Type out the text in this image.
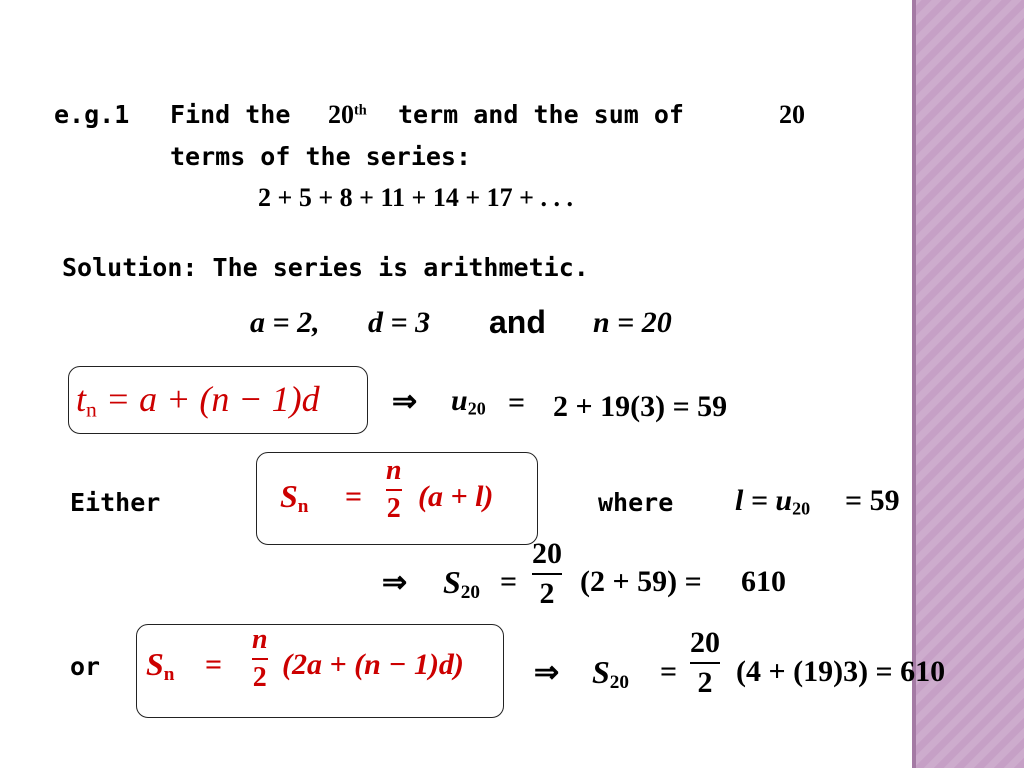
e.g.1 Find the 20th term and the sum of	20
terms of the series:
2 + 5 + 8 + 11 + 14 + 17 + . . .
Solution: The series is arithmetic.
a = 2, d = 3 and n = 20
$t_n = a + (n - 1)d$ ⇒ $u_{20} = 2 + 19(3) = 59$
Either	$S_n$ =
n
2 (a + l)	where $l = u_{20} = 59$
⇒ $S_{20}$ =
20
2 (2 + 59) = 610
or $S_n$ =
n
2 (2a + (n − 1)d) ⇒ $S_{20}$ =
20
2 (4 + (19)3) = 610
